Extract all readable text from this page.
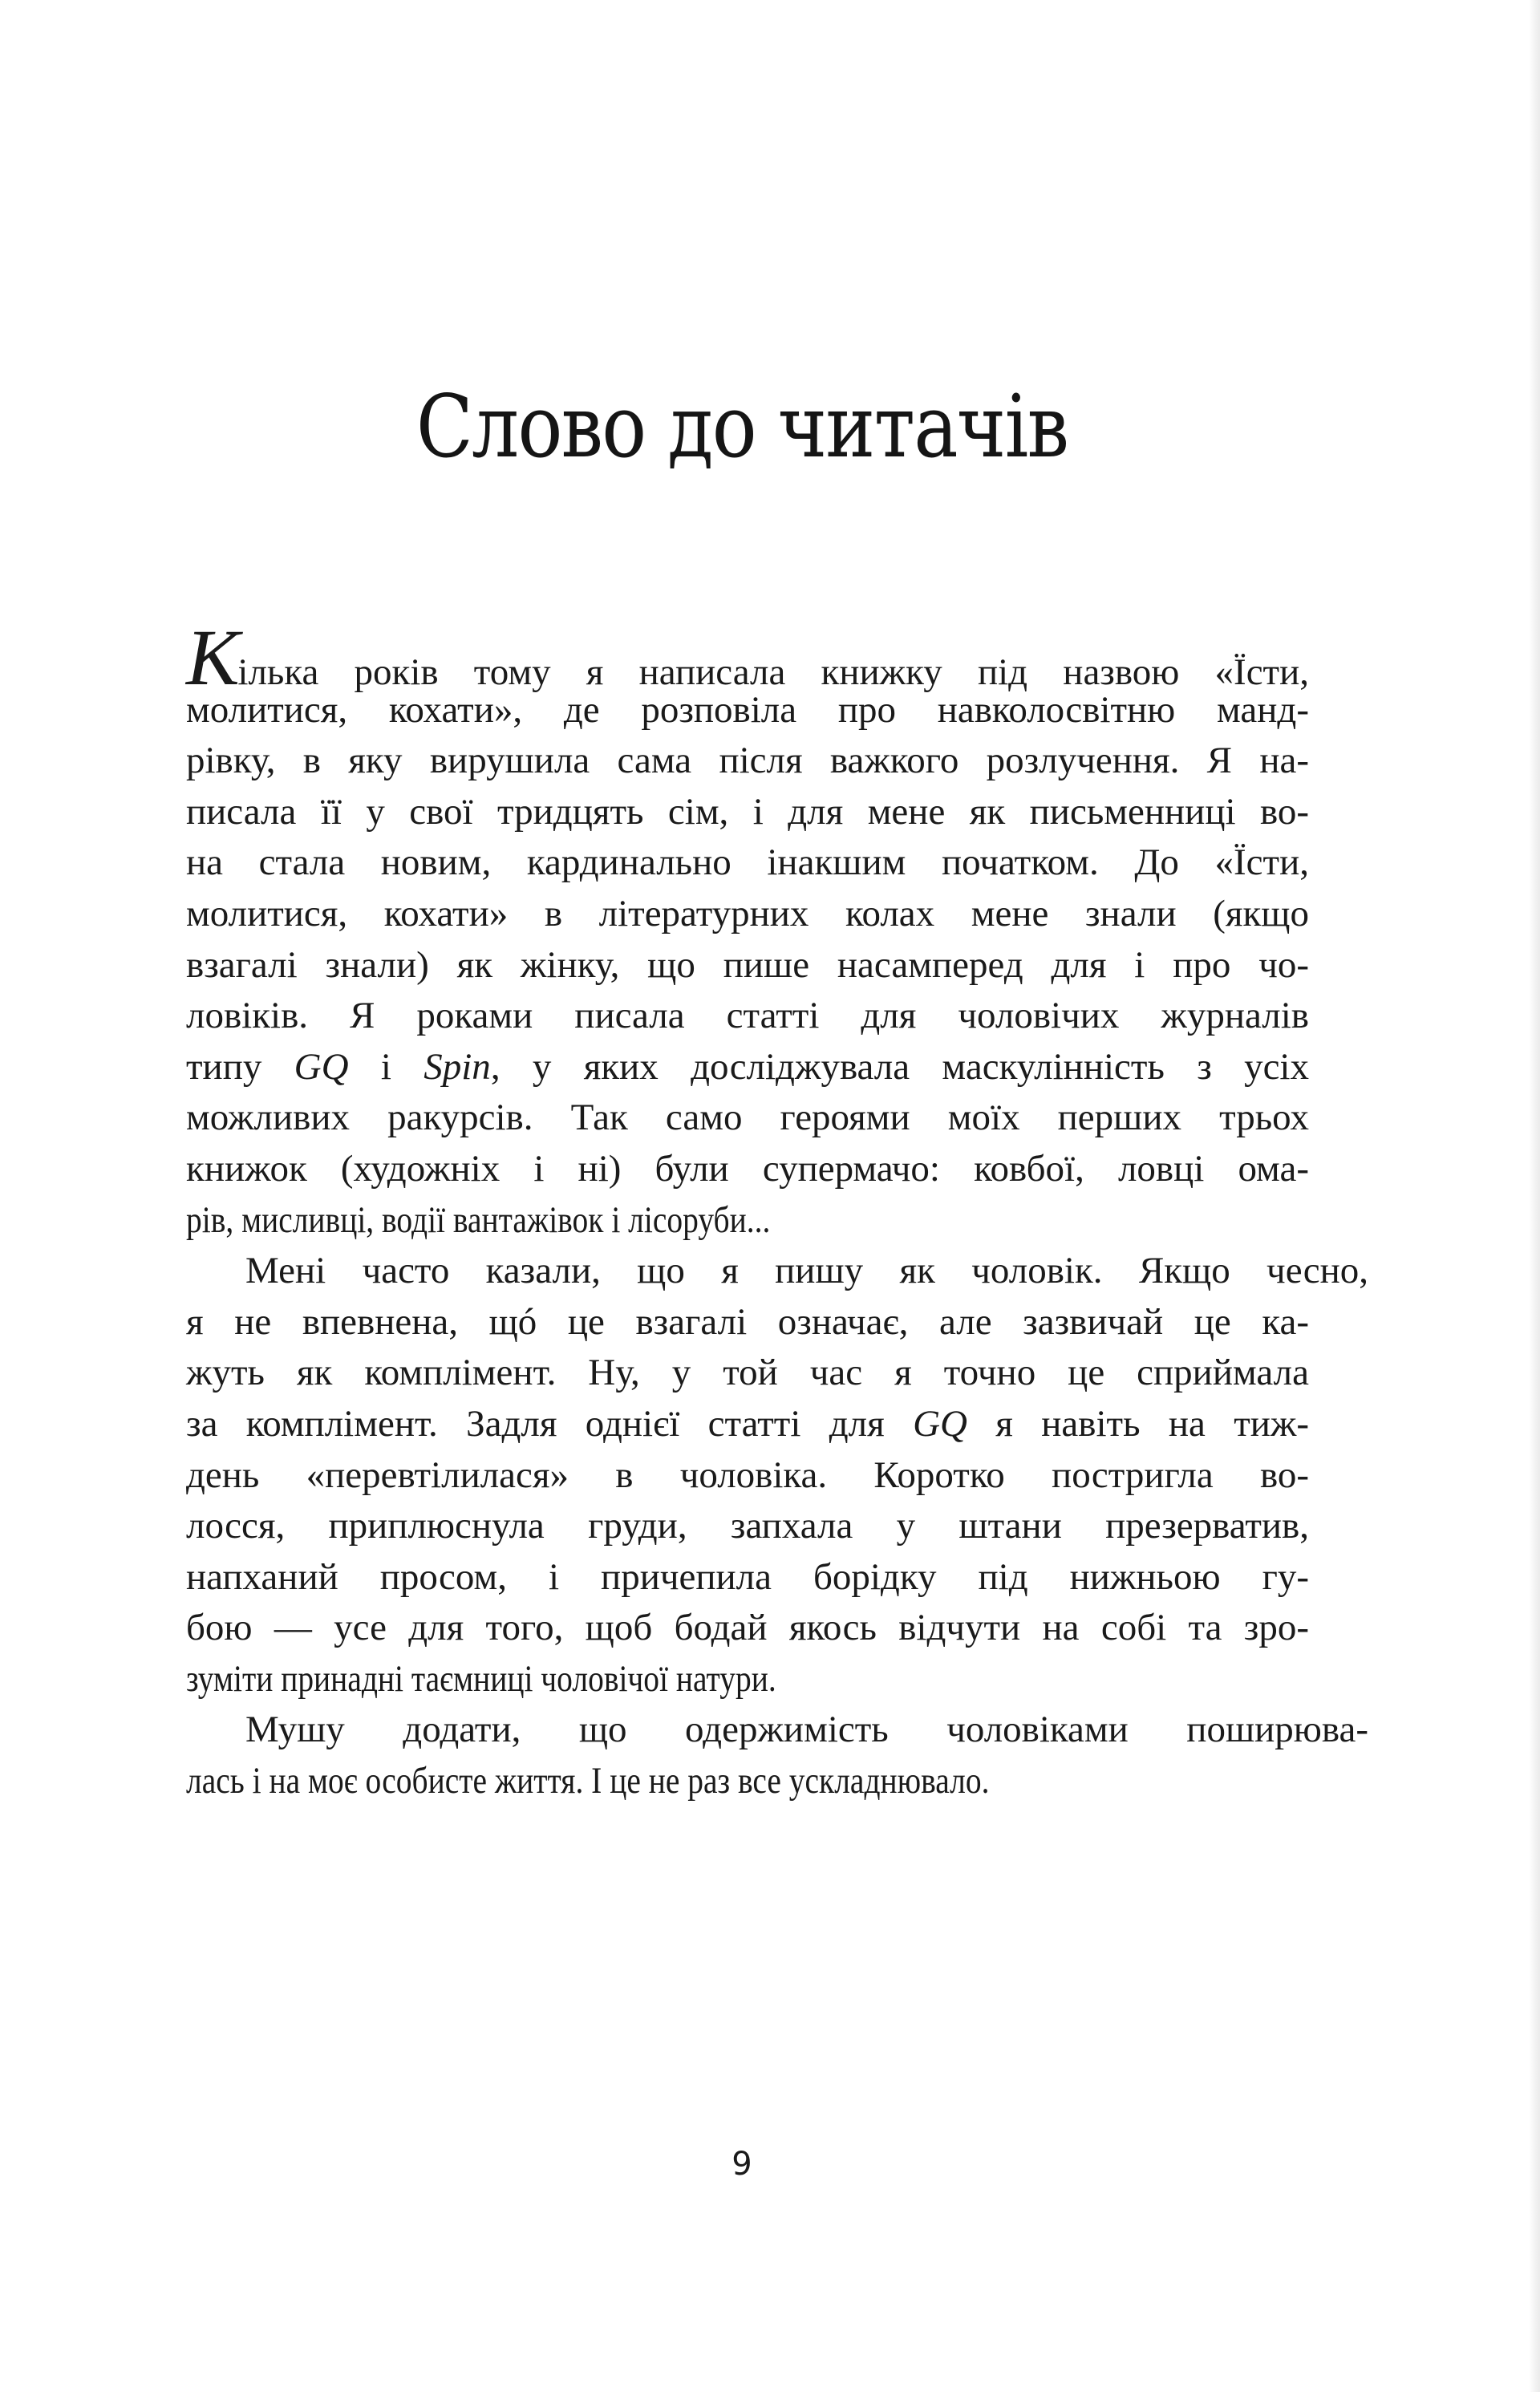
Слово до читачів
Кілька років тому я написала книжку під назвою «Їсти,
молитися, кохати», де розповіла про навколосвітню манд-
рівку, в яку вирушила сама після важкого розлучення. Я на-
писала її у свої тридцять сім, і для мене як письменниці во-
на стала новим, кардинально інакшим початком. До «Їсти,
молитися, кохати» в літературних колах мене знали (якщо
взагалі знали) як жінку, що пише насамперед для і про чо-
ловіків. Я роками писала статті для чоловічих журналів
типу GQ і Spin, у яких досліджувала маскулінність з усіх
можливих ракурсів. Так само героями моїх перших трьох
книжок (художніх і ні) були супермачо: ковбої, ловці ома-
рів, мисливці, водії вантажівок і лісоруби...
Мені часто казали, що я пишу як чоловік. Якщо чесно,
я не впевнена, щó це взагалі означає, але зазвичай це ка-
жуть як комплімент. Ну, у той час я точно це сприймала
за комплімент. Задля однієї статті для GQ я навіть на тиж-
день «перевтілилася» в чоловіка. Коротко постригла во-
лосся, приплюснула груди, запхала у штани презерватив,
напханий просом, і причепила борідку під нижньою гу-
бою — усе для того, щоб бодай якось відчути на собі та зро-
зуміти принадні таємниці чоловічої натури.
Мушу додати, що одержимість чоловіками поширюва-
лась і на моє особисте життя. І це не раз все ускладнювало.
9
